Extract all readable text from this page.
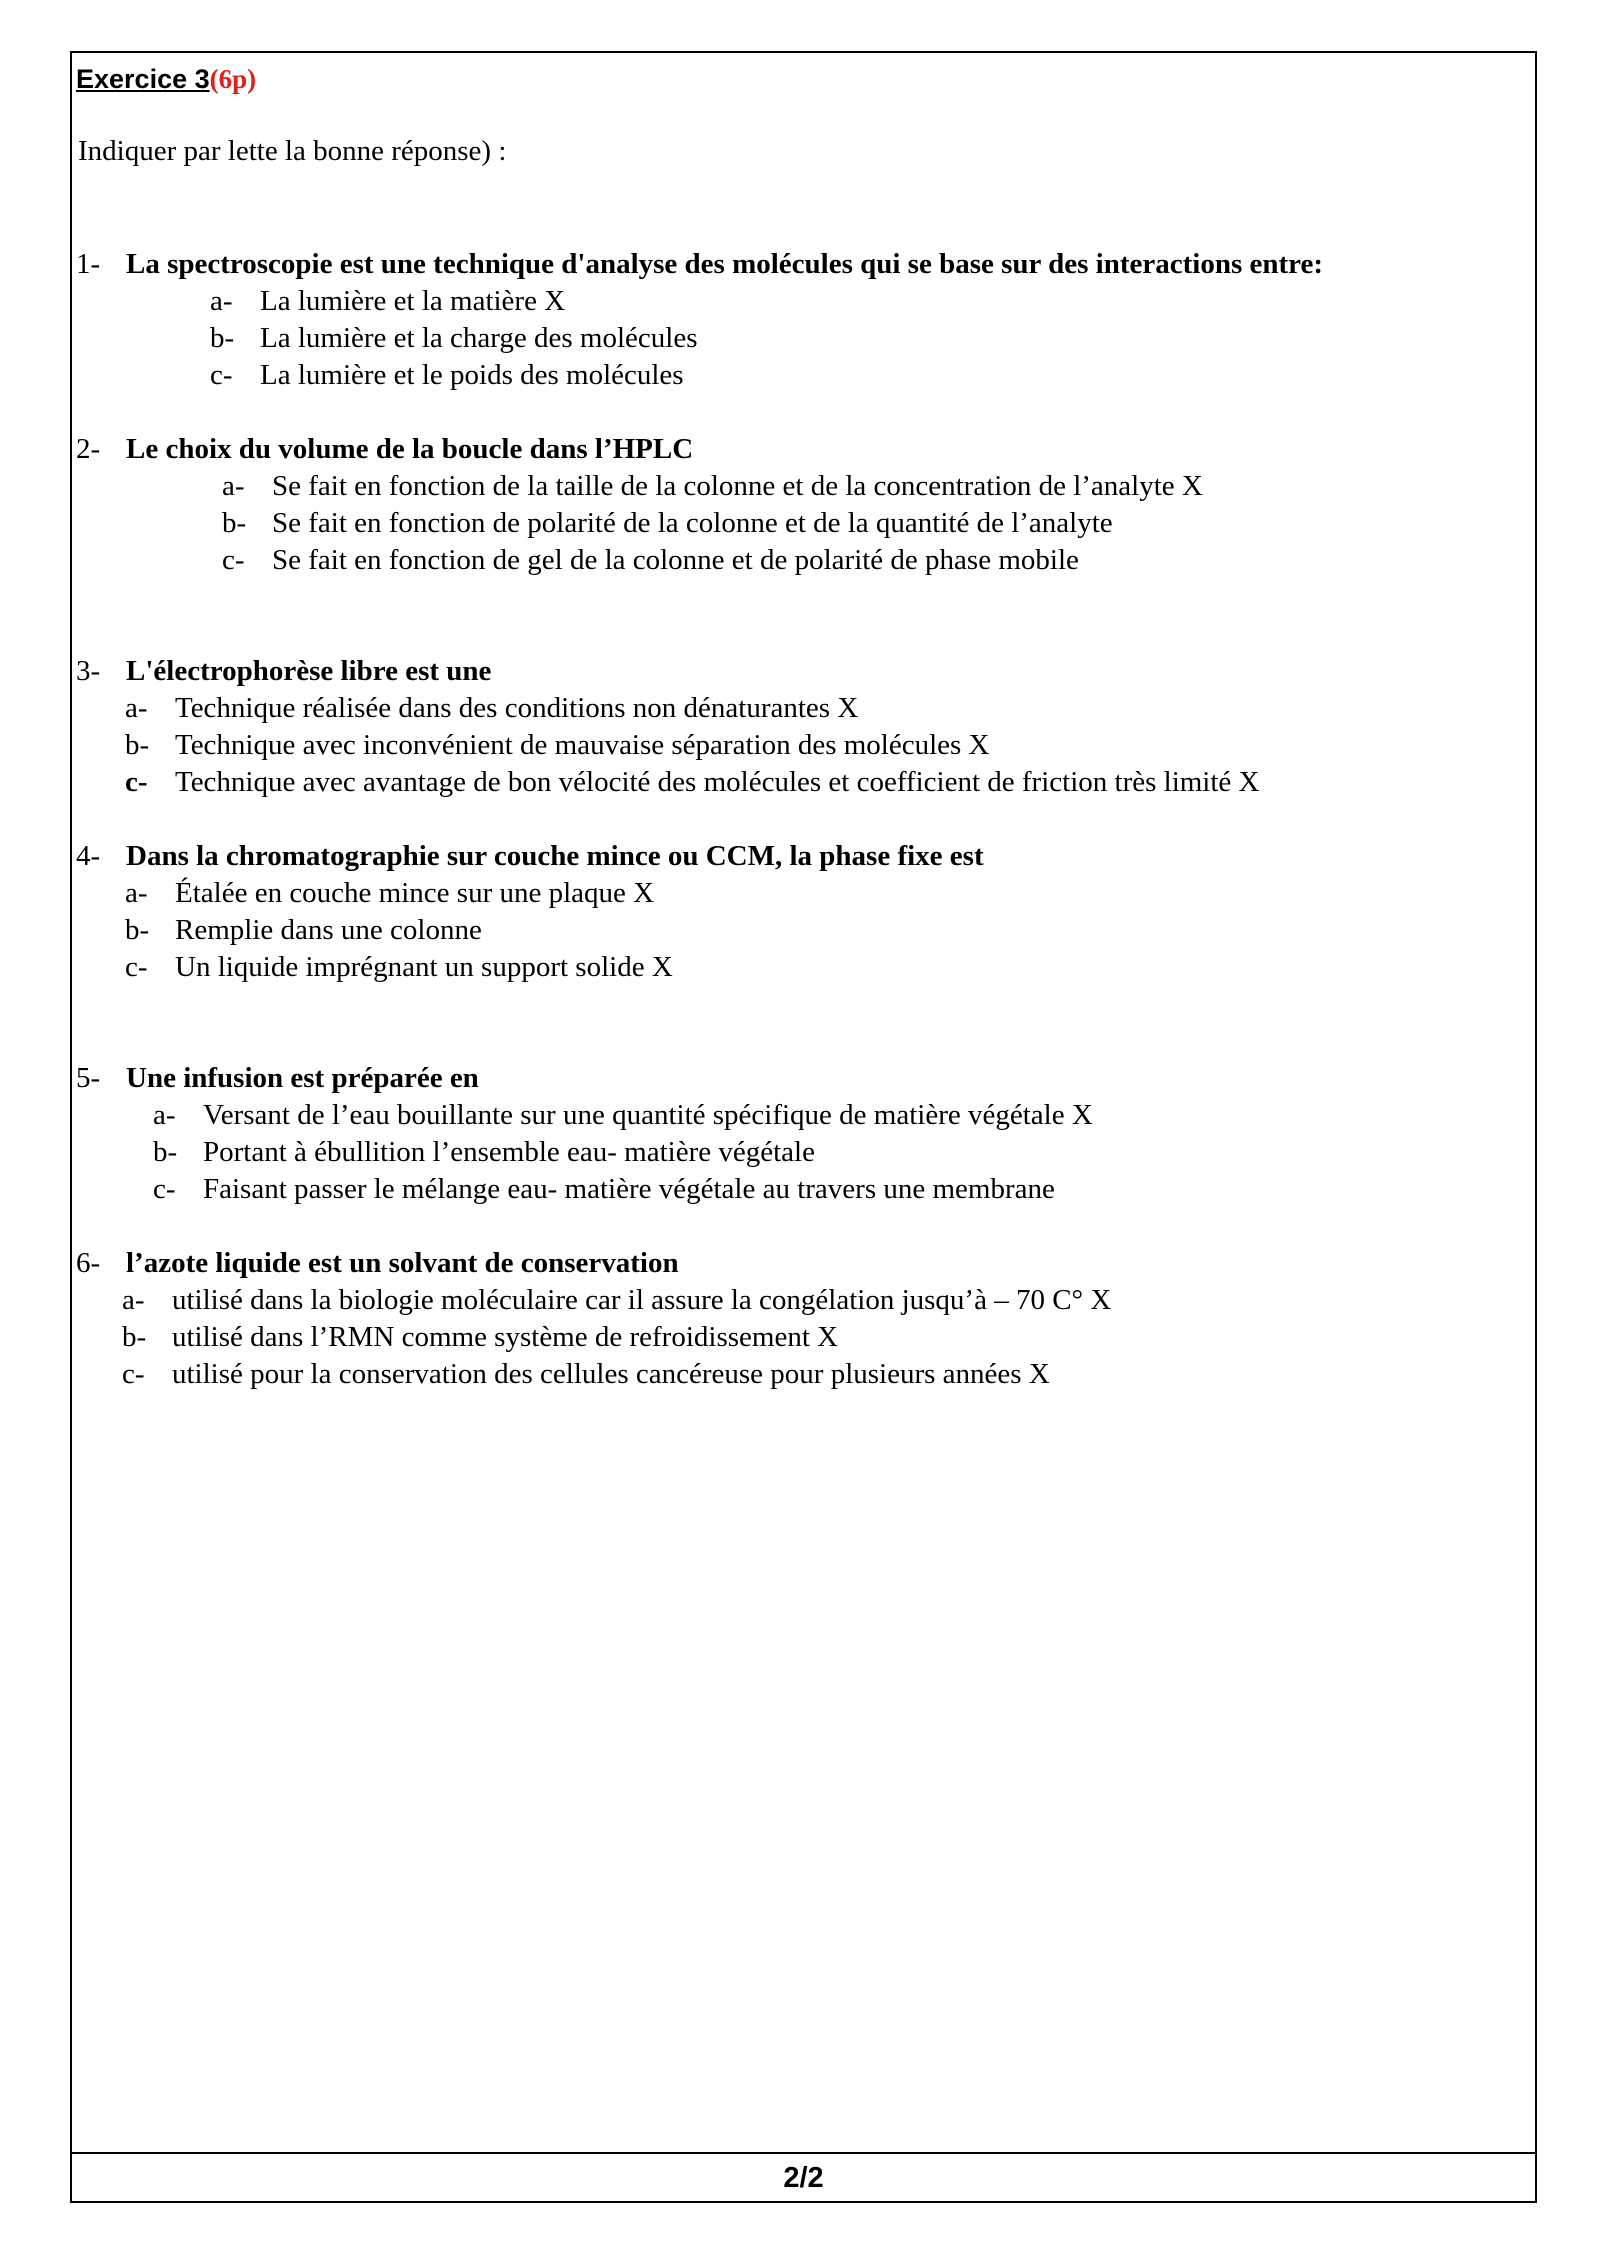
Exercice 3(6p)
Indiquer par lette la bonne réponse) :
1- La spectroscopie est une technique d'analyse des molécules qui se base sur des interactions entre:
a- La lumière et la matière X
b- La lumière et la charge des molécules
c- La lumière et le poids des molécules
2- Le choix du volume de la boucle dans l’HPLC
a- Se fait en fonction de la taille de la colonne et de la concentration de l’analyte X
b- Se fait en fonction de polarité de la colonne et de la quantité de l’analyte
c- Se fait en fonction de gel de la colonne et de polarité de phase mobile
3- L'électrophorèse libre est une
a- Technique réalisée dans des conditions non dénaturantes X
b- Technique avec inconvénient de mauvaise séparation des molécules X
c- Technique avec avantage de bon vélocité des molécules et coefficient de friction très limité X
4- Dans la chromatographie sur couche mince ou CCM, la phase fixe est
a- Étalée en couche mince sur une plaque X
b- Remplie dans une colonne
c- Un liquide imprégnant un support solide X
5- Une infusion est préparée en
a- Versant de l’eau bouillante sur une quantité spécifique de matière végétale X
b- Portant à ébullition l’ensemble eau- matière végétale
c- Faisant passer le mélange eau- matière végétale au travers une membrane
6- l’azote liquide est un solvant de conservation
a- utilisé dans la biologie moléculaire car il assure la congélation jusqu’à – 70 C° X
b- utilisé dans l’RMN comme système de refroidissement X
c- utilisé pour la conservation des cellules cancéreuse pour plusieurs années X
2/2
